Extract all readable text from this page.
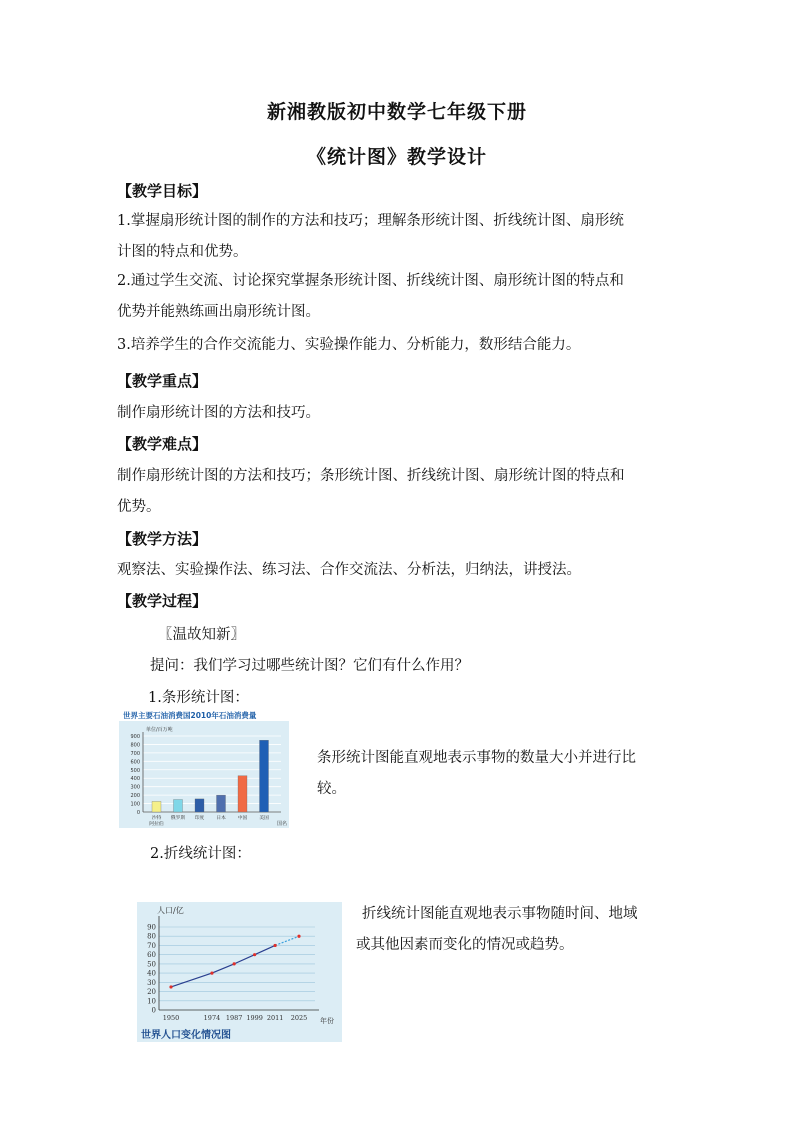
新湘教版初中数学七年级下册
《统计图》教学设计
【教学目标】
1.掌握扇形统计图的制作的方法和技巧；理解条形统计图、折线统计图、扇形统
计图的特点和优势。
2.通过学生交流、讨论探究掌握条形统计图、折线统计图、扇形统计图的特点和
优势并能熟练画出扇形统计图。
3.培养学生的合作交流能力、实验操作能力、分析能力，数形结合能力。
【教学重点】
制作扇形统计图的方法和技巧。
【教学难点】
制作扇形统计图的方法和技巧；条形统计图、折线统计图、扇形统计图的特点和
优势。
【教学方法】
观察法、实验操作法、练习法、合作交流法、分析法，归纳法，讲授法。
【教学过程】
〖温故知新〗
提问：我们学习过哪些统计图？它们有什么作用？
1.条形统计图：
世界主要石油消费国2010年石油消费量
单位/百万吨
国名
0
100
200
300
400
500
600
700
800
900
沙特
阿拉伯
俄罗斯 印度 日本 中国 美国
条形统计图能直观地表示事物的数量大小并进行比
较。
2.折线统计图：
人口/亿
年份
世界人口变化情况图
0
10
20
30
40
50
60
70
80
90
1950	1974 1987 1999 2011 2025
折线统计图能直观地表示事物随时间、地域
或其他因素而变化的情况或趋势。
